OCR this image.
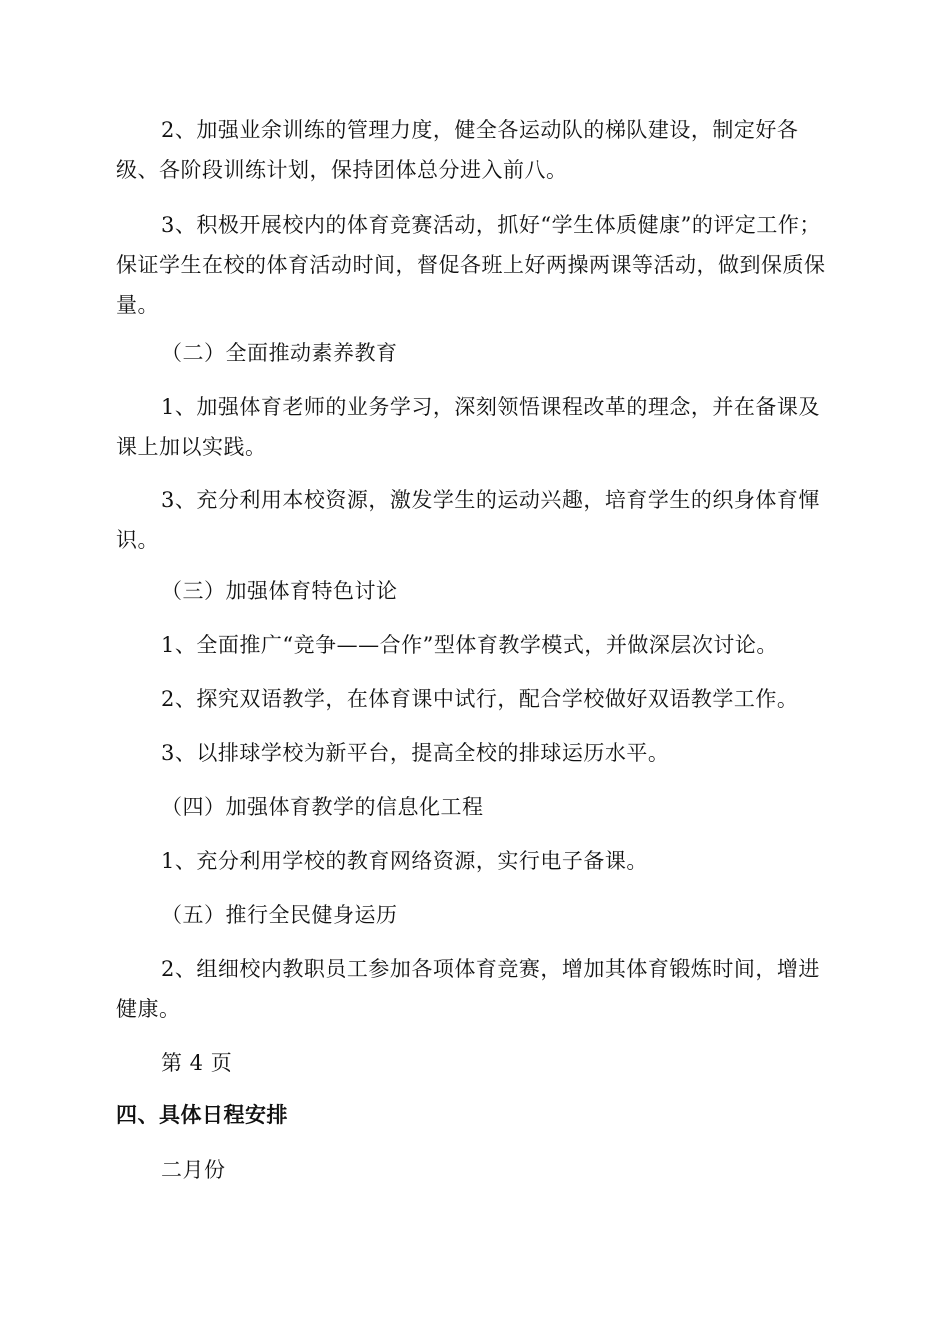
2、加强业余训练的管理力度，健全各运动队的梯队建设，制定好各级、各阶段训练计划，保持团体总分进入前八。

3、积极开展校内的体育竞赛活动，抓好“学生体质健康”的评定工作；保证学生在校的体育活动时间，督促各班上好两操两课等活动，做到保质保量。

（二）全面推动素养教育

1、加强体育老师的业务学习，深刻领悟课程改革的理念，并在备课及课上加以实践。

3、充分利用本校资源，激发学生的运动兴趣，培育学生的织身体育惲识。

（三）加强体育特色讨论

1、全面推广“竞争——合作”型体育教学模式，并做深层次讨论。

2、探究双语教学，在体育课中试行，配合学校做好双语教学工作。

3、以排球学校为新平台，提高全校的排球运历水平。

（四）加强体育教学的信息化工程

1、充分利用学校的教育网络资源，实行电子备课。

（五）推行全民健身运历

2、组细校内教职员工参加各项体育竞赛，增加其体育锻炼时间，增进健康。

第 4 页

四、具体日程安排

二月份
